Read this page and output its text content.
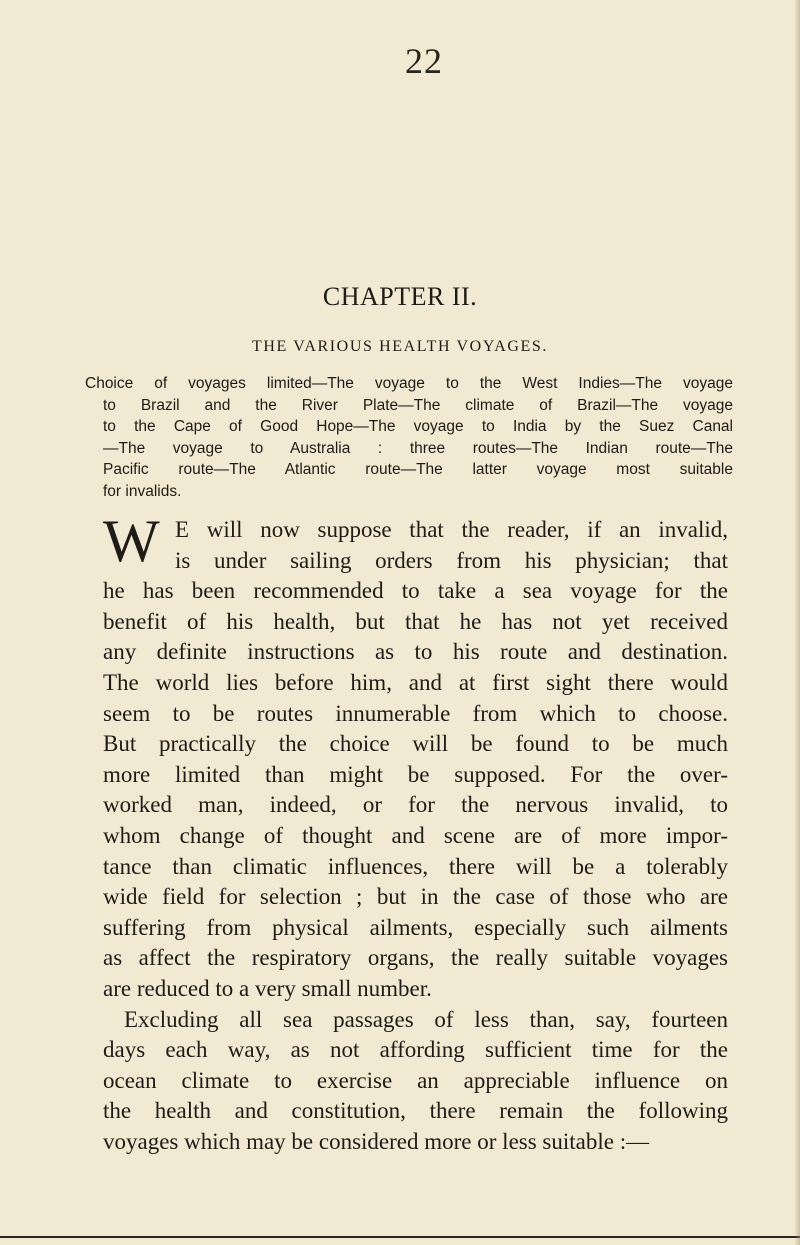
22
CHAPTER II.
THE VARIOUS HEALTH VOYAGES.
Choice of voyages limited—The voyage to the West Indies—The voyage
to Brazil and the River Plate—The climate of Brazil—The voyage
to the Cape of Good Hope—The voyage to India by the Suez Canal
—The voyage to Australia : three routes—The Indian route—The
Pacific route—The Atlantic route—The latter voyage most suitable
for invalids.
W E will now suppose that the reader, if an invalid,
is under sailing orders from his physician; that
he has been recommended to take a sea voyage for the
benefit of his health, but that he has not yet received
any definite instructions as to his route and destination.
The world lies before him, and at first sight there would
seem to be routes innumerable from which to choose.
But practically the choice will be found to be much
more limited than might be supposed. For the over-
worked man, indeed, or for the nervous invalid, to
whom change of thought and scene are of more impor-
tance than climatic influences, there will be a tolerably
wide field for selection ; but in the case of those who are
suffering from physical ailments, especially such ailments
as affect the respiratory organs, the really suitable voyages
are reduced to a very small number.
Excluding all sea passages of less than, say, fourteen
days each way, as not affording sufficient time for the
ocean climate to exercise an appreciable influence on
the health and constitution, there remain the following
voyages which may be considered more or less suitable :—
